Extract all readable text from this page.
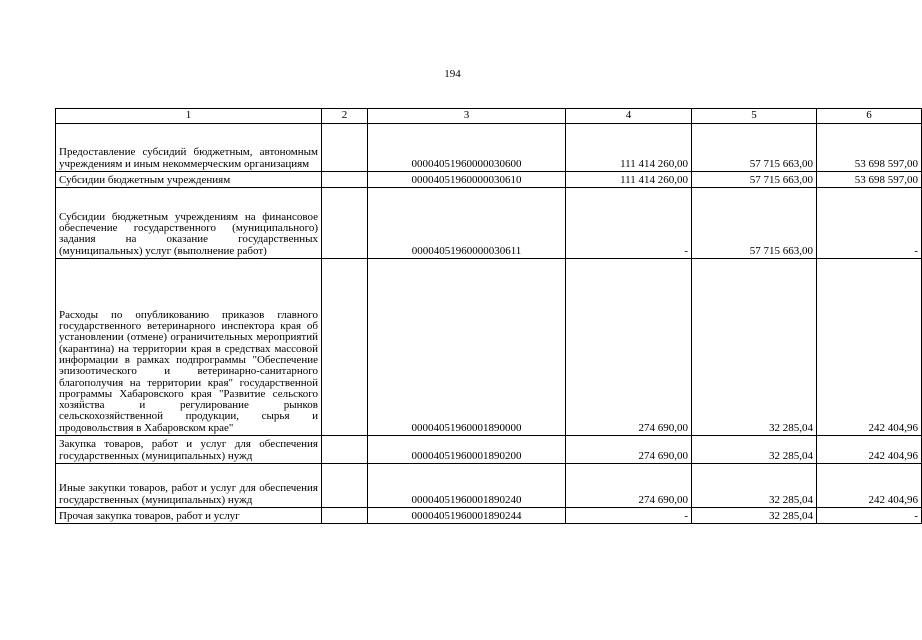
194
1	2	3	4	5	6
Предоставление субсидий бюджетным, автономным учреждениям и иным некоммерческим организациям		00004051960000030600	111 414 260,00	57 715 663,00	53 698 597,00
Субсидии бюджетным учреждениям		00004051960000030610	111 414 260,00	57 715 663,00	53 698 597,00
Субсидии бюджетным учреждениям на финансовое обеспечение государственного (муниципального) задания на оказание государственных (муниципальных) услуг (выполнение работ)		00004051960000030611	-	57 715 663,00	-
Расходы по опубликованию приказов главного государственного ветеринарного инспектора края об установлении (отмене) ограничительных мероприятий (карантина) на территории края в средствах массовой информации в рамках подпрограммы "Обеспечение эпизоотического и ветеринарно-санитарного благополучия на территории края" государственной программы Хабаровского края "Развитие сельского хозяйства и регулирование рынков сельскохозяйственной продукции, сырья и продовольствия в Хабаровском крае"		00004051960001890000	274 690,00	32 285,04	242 404,96
Закупка товаров, работ и услуг для обеспечения государственных (муниципальных) нужд		00004051960001890200	274 690,00	32 285,04	242 404,96
Иные закупки товаров, работ и услуг для обеспечения государственных (муниципальных) нужд		00004051960001890240	274 690,00	32 285,04	242 404,96
Прочая закупка товаров, работ и услуг		00004051960001890244	-	32 285,04	-
